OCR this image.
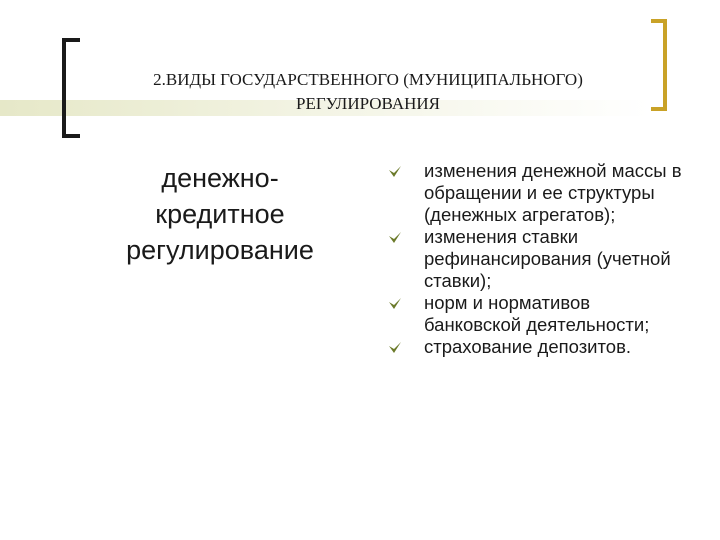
2.ВИДЫ ГОСУДАРСТВЕННОГО (МУНИЦИПАЛЬНОГО)
РЕГУЛИРОВАНИЯ
денежно-
кредитное
регулирование
изменения денежной массы в обращении и ее структуры (денежных агрегатов);
изменения ставки рефинансирования (учетной ставки);
норм и нормативов банковской деятельности;
страхование депозитов.
